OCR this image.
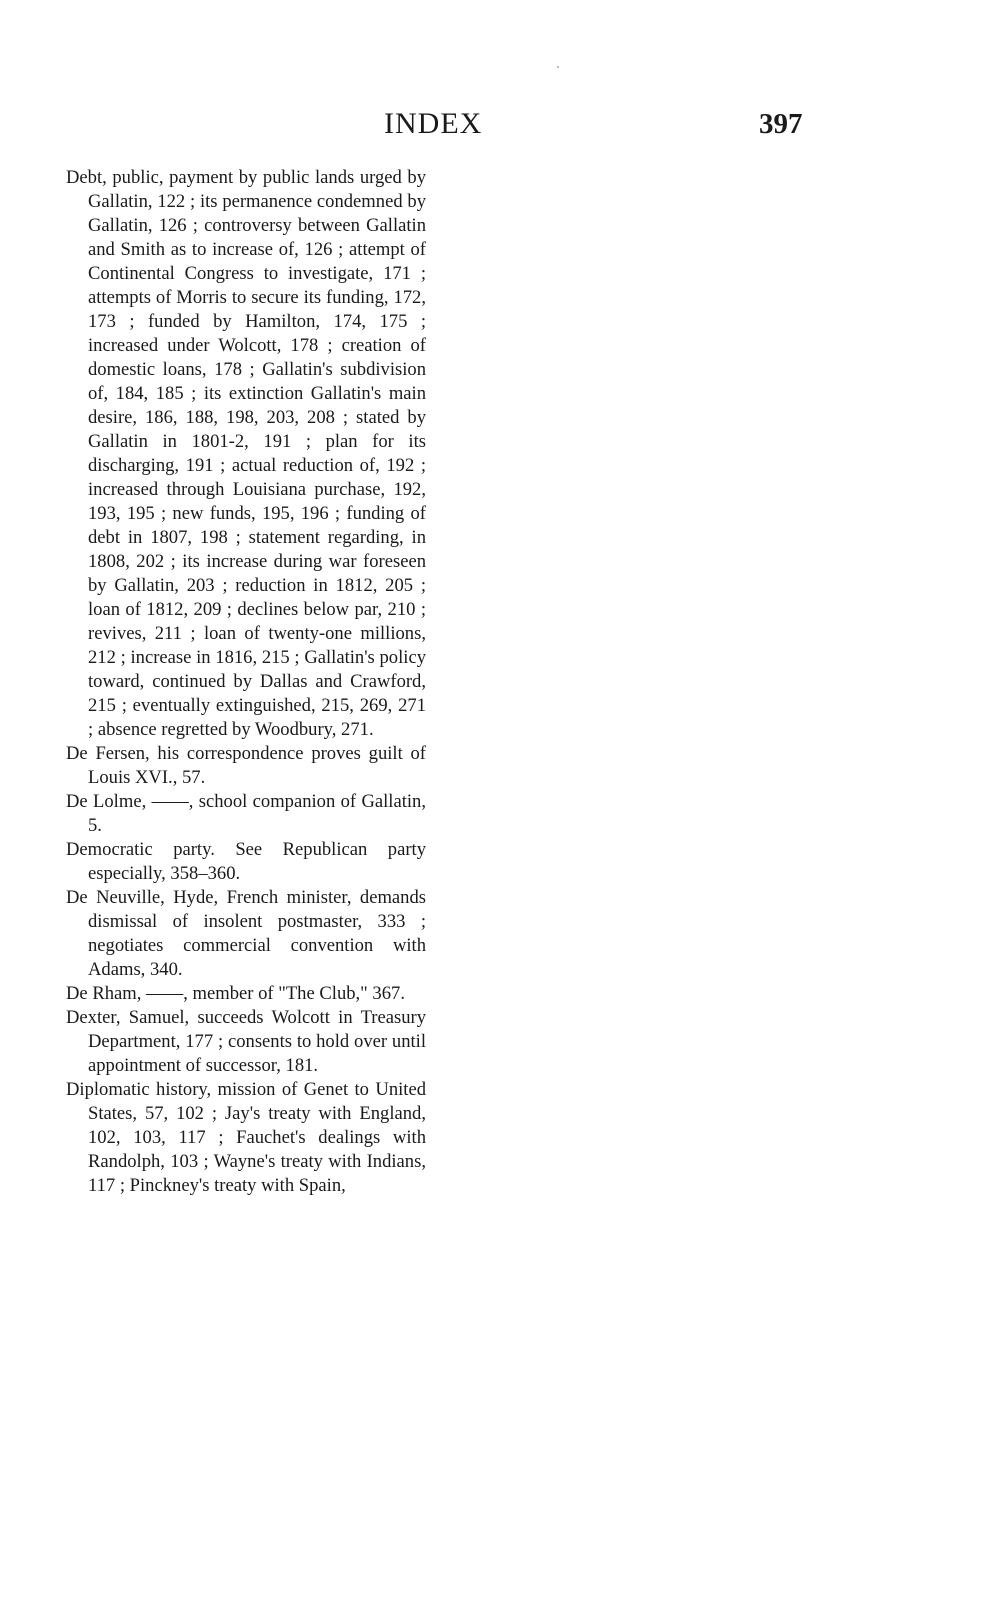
INDEX	397

Debt, public, payment by public lands urged by Gallatin, 122 ; its permanence condemned by Gallatin, 126 ; controversy between Gallatin and Smith as to increase of, 126 ; attempt of Continental Congress to investigate, 171 ; attempts of Morris to secure its funding, 172, 173 ; funded by Hamilton, 174, 175 ; increased under Wolcott, 178 ; creation of domestic loans, 178 ; Gallatin's subdivision of, 184, 185 ; its extinction Gallatin's main desire, 186, 188, 198, 203, 208 ; stated by Gallatin in 1801-2, 191 ; plan for its discharging, 191 ; actual reduction of, 192 ; increased through Louisiana purchase, 192, 193, 195 ; new funds, 195, 196 ; funding of debt in 1807, 198 ; statement regarding, in 1808, 202 ; its increase during war foreseen by Gallatin, 203 ; reduction in 1812, 205 ; loan of 1812, 209 ; declines below par, 210 ; revives, 211 ; loan of twenty-one millions, 212 ; increase in 1816, 215 ; Gallatin's policy toward, continued by Dallas and Crawford, 215 ; eventually extinguished, 215, 269, 271 ; absence regretted by Woodbury, 271.

De Fersen, his correspondence proves guilt of Louis XVI., 57.

De Lolme, ——, school companion of Gallatin, 5.

Democratic party. See Republican party especially, 358–360.

De Neuville, Hyde, French minister, demands dismissal of insolent postmaster, 333 ; negotiates commercial convention with Adams, 340.

De Rham, ——, member of "The Club," 367.

Dexter, Samuel, succeeds Wolcott in Treasury Department, 177 ; consents to hold over until appointment of successor, 181.

Diplomatic history, mission of Genet to United States, 57, 102 ; Jay's treaty with England, 102, 103, 117 ; Fauchet's dealings with Randolph, 103 ; Wayne's treaty with Indians, 117 ; Pinckney's treaty with Spain,
